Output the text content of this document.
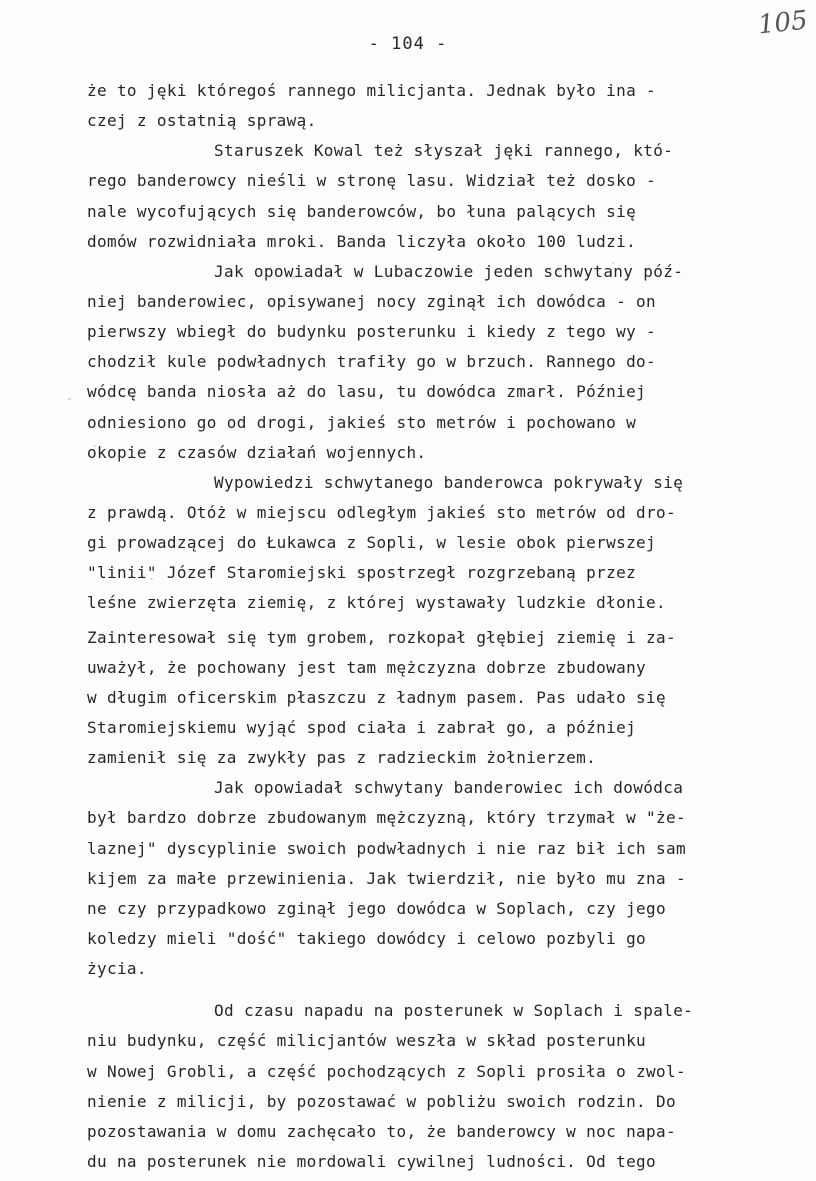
- 104 -
105
że to jęki któregoś rannego milicjanta. Jednak było ina -
czej z ostatnią sprawą.
Staruszek Kowal też słyszał jęki rannego, któ-
rego banderowcy nieśli w stronę lasu. Widział też dosko -
nale wycofujących się banderowców, bo łuna palących się
domów rozwidniała mroki. Banda liczyła około 100 ludzi.
Jak opowiadał w Lubaczowie jeden schwytany póź-
niej banderowiec, opisywanej nocy zginął ich dowódca - on
pierwszy wbiegł do budynku posterunku i kiedy z tego wy -
chodził kule podwładnych trafiły go w brzuch. Rannego do-
wódcę banda niosła aż do lasu, tu dowódca zmarł. Później
odniesiono go od drogi, jakieś sto metrów i pochowano w
okopie z czasów działań wojennych.
Wypowiedzi schwytanego banderowca pokrywały się
z prawdą. Otóż w miejscu odległym jakieś sto metrów od dro-
gi prowadzącej do Łukawca z Sopli, w lesie obok pierwszej
"linii" Józef Staromiejski spostrzegł rozgrzebaną przez
leśne zwierzęta ziemię, z której wystawały ludzkie dłonie.
Zainteresował się tym grobem, rozkopał głębiej ziemię i za-
uważył, że pochowany jest tam mężczyzna dobrze zbudowany
w długim oficerskim płaszczu z ładnym pasem. Pas udało się
Staromiejskiemu wyjąć spod ciała i zabrał go, a później
zamienił się za zwykły pas z radzieckim żołnierzem.
Jak opowiadał schwytany banderowiec ich dowódca
był bardzo dobrze zbudowanym mężczyzną, który trzymał w "że-
laznej" dyscyplinie swoich podwładnych i nie raz bił ich sam
kijem za małe przewinienia. Jak twierdził, nie było mu zna -
ne czy przypadkowo zginął jego dowódca w Soplach, czy jego
koledzy mieli "dość" takiego dowódcy i celowo pozbyli go
życia.
Od czasu napadu na posterunek w Soplach i spale-
niu budynku, część milicjantów weszła w skład posterunku
w Nowej Grobli, a część pochodzących z Sopli prosiła o zwol-
nienie z milicji, by pozostawać w pobliżu swoich rodzin. Do
pozostawania w domu zachęcało to, że banderowcy w noc napa-
du na posterunek nie mordowali cywilnej ludności. Od tego
